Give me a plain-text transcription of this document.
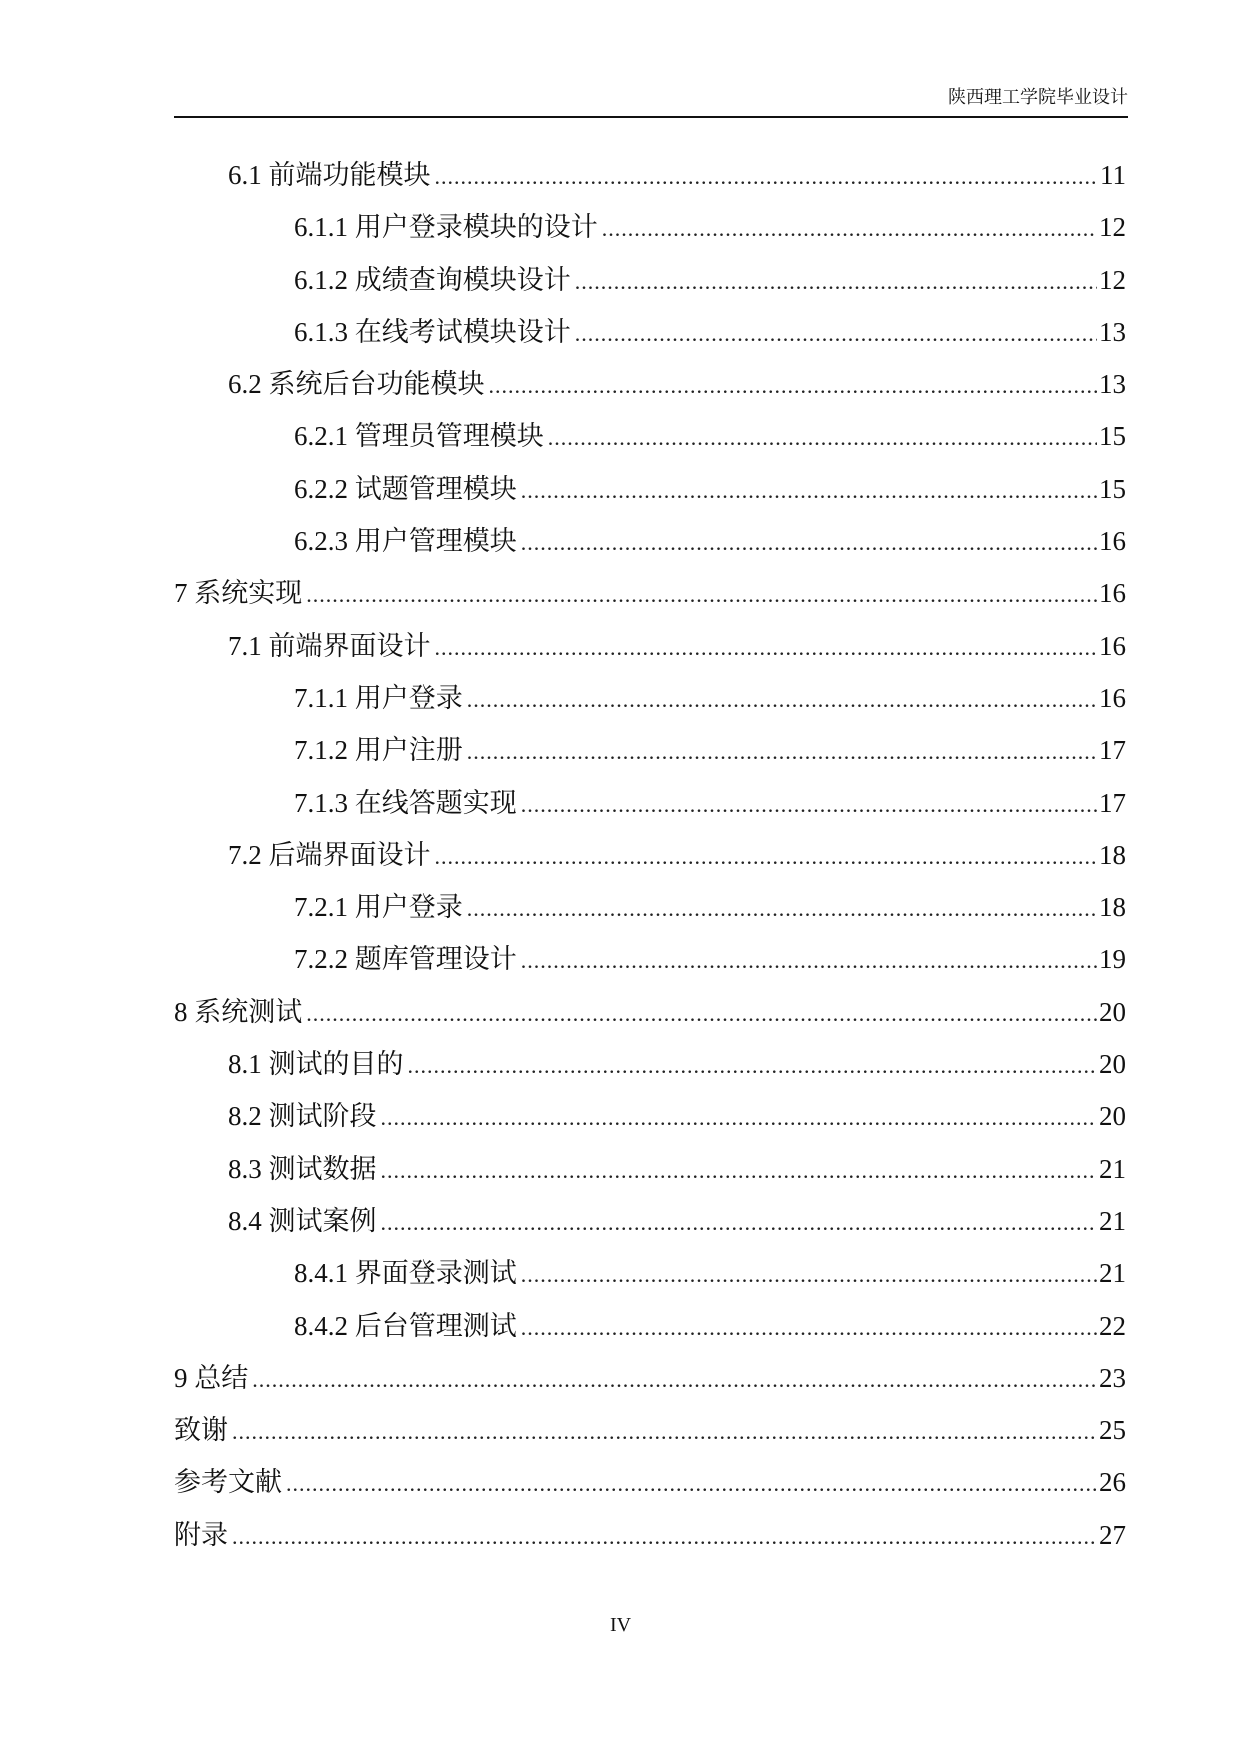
陕西理工学院毕业设计
6.1 前端功能模块 .....	11
6.1.1 用户登录模块的设计 .....	12
6.1.2 成绩查询模块设计 .....	12
6.1.3 在线考试模块设计 .....	13
6.2 系统后台功能模块 .....	13
6.2.1 管理员管理模块 .....	15
6.2.2 试题管理模块 .....	15
6.2.3 用户管理模块 .....	16
7 系统实现 .....	16
7.1 前端界面设计 .....	16
7.1.1 用户登录 .....	16
7.1.2 用户注册 .....	17
7.1.3 在线答题实现 .....	17
7.2 后端界面设计 .....	18
7.2.1 用户登录 .....	18
7.2.2 题库管理设计 .....	19
8 系统测试 .....	20
8.1 测试的目的 .....	20
8.2 测试阶段 .....	20
8.3 测试数据 .....	21
8.4 测试案例 .....	21
8.4.1 界面登录测试 .....	21
8.4.2 后台管理测试 .....	22
9 总结 .....	23
致谢 .....	25
参考文献 .....	26
附录 .....	27
IV
